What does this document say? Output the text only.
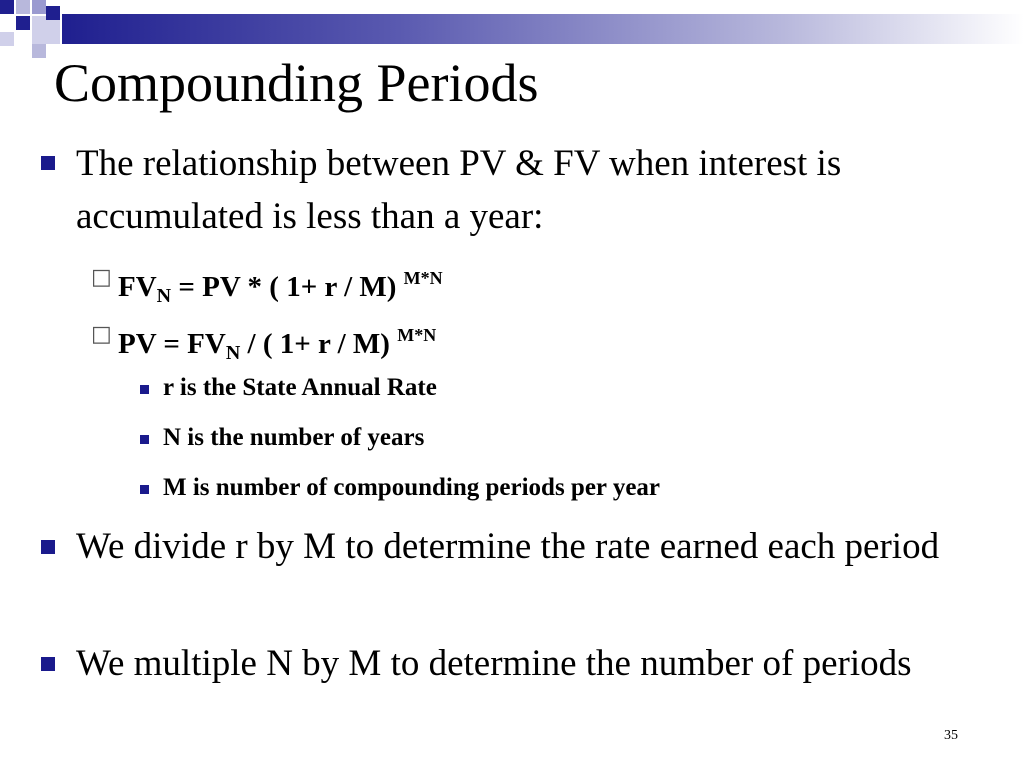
Compounding Periods
The relationship between PV & FV when interest is accumulated is less than a year:
□ $FV_N$ = PV * ( 1+ r / M) $^{M*N}$
□ PV = $FV_N$ / ( 1+ r / M) $^{M*N}$
r is the State Annual Rate
N is the number of years
M is number of compounding periods per year
We divide r by M to determine the rate earned each period
We multiple N by M to determine the number of periods
35
